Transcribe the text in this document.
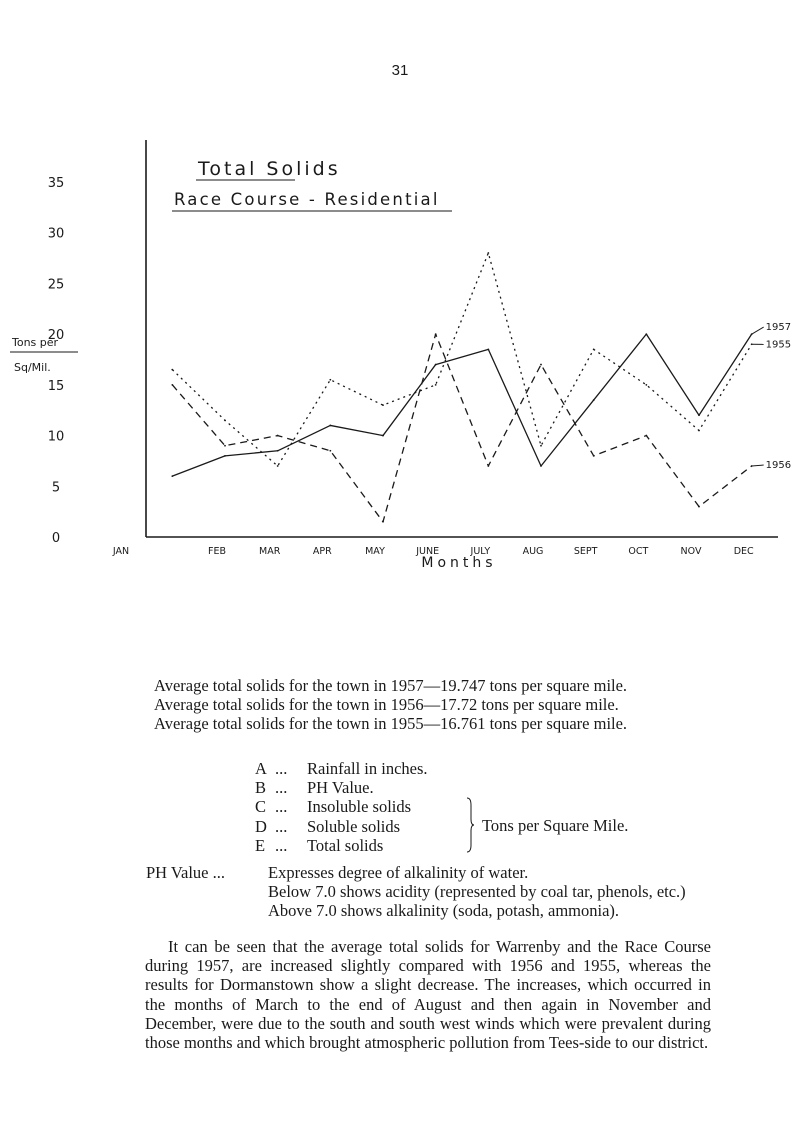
31
Total Solids
Race Course - Residential
Tons per
Sq/Mil.
35
30
25
20
15
10
5
0
JAN	FEB	MAR	APR	MAY	JUNE	JULY	AUG	SEPT	OCT	NOV	DEC
1957
1955
1956
Months
Average total solids for the town in 1957—19.747 tons per square mile.
Average total solids for the town in 1956—17.72 tons per square mile.
Average total solids for the town in 1955—16.761 tons per square mile.
A ...	Rainfall in inches.
B ...	PH Value.
C ...	Insoluble solids
D ...	Soluble solids
E ...	Total solids
Tons per Square Mile.
PH Value ...	Expresses degree of alkalinity of water.
Below 7.0 shows acidity (represented by coal tar, phenols, etc.)
Above 7.0 shows alkalinity (soda, potash, ammonia).
It can be seen that the average total solids for Warrenby and the Race Course during 1957, are increased slightly compared with 1956 and 1955, whereas the results for Dormanstown show a slight decrease. The increases, which occurred in the months of March to the end of August and then again in November and December, were due to the south and south west winds which were prevalent during those months and which brought atmospheric pollution from Tees-side to our district.
